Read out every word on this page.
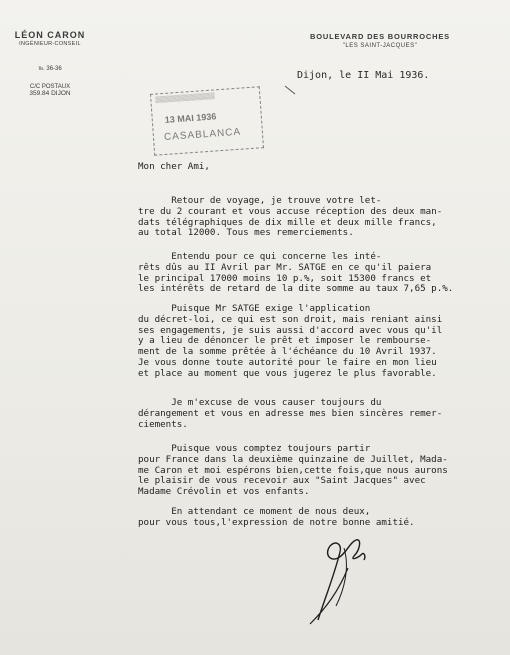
LÉON CARON
INGÉNIEUR-CONSEIL
℡ 36-36
C/C POSTAUX
359.84 DIJON
BOULEVARD DES BOURROCHES
"LES SAINT-JACQUES"
Dijon, le II Mai 1936.
▒▒▒▒▒▒▒▒▒▒▒▒▒▒
13 MAI 1936
CASABLANCA
Mon cher Ami,
Retour de voyage, je trouve votre let-
tre du 2 courant et vous accuse réception des deux man-
dats télégraphiques de dix mille et deux mille francs,
au total 12000. Tous mes remerciements.
Entendu pour ce qui concerne les inté-
rêts dûs au II Avril par Mr. SATGE en ce qu'il paiera
le principal 17000 moins 10 p.%, soit 15300 francs et
les intérêts de retard de la dite somme au taux 7,65 p.%.
Puisque Mr SATGE exige l'application
du décret-loi, ce qui est son droit, mais reniant ainsi
ses engagements, je suis aussi d'accord avec vous qu'il
y a lieu de dénoncer le prêt et imposer le rembourse-
ment de la somme prêtée à l'échéance du 10 Avril 1937.
Je vous donne toute autorité pour le faire en mon lieu
et place au moment que vous jugerez le plus favorable.
Je m'excuse de vous causer toujours du
dérangement et vous en adresse mes bien sincères remer-
ciements.
Puisque vous comptez toujours partir
pour France dans la deuxième quinzaine de Juillet, Mada-
me Caron et moi espérons bien,cette fois,que nous aurons
le plaisir de vous recevoir aux "Saint Jacques" avec
Madame Crévolin et vos enfants.
En attendant ce moment de nous deux,
pour vous tous,l'expression de notre bonne amitié.
